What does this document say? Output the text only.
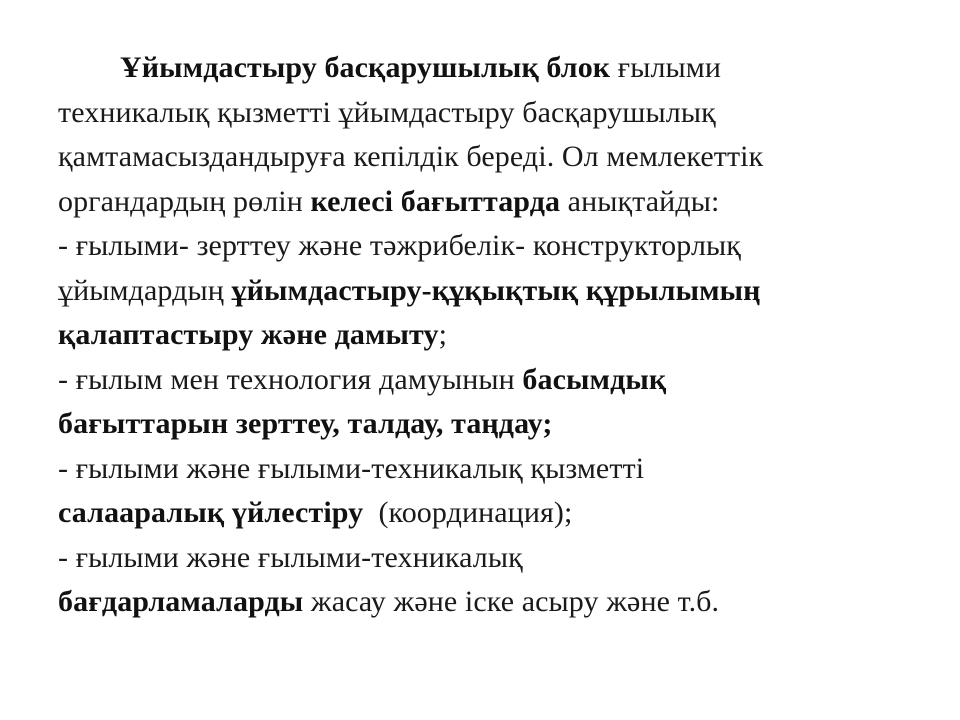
Ұйымдастыру басқарушылық блок ғылыми
техникалық қызметті ұйымдастыру басқарушылық
қамтамасыздандыруға кепілдік береді. Ол мемлекеттік
органдардың рөлін келесі бағыттарда анықтайды:
- ғылыми- зерттеу және тәжрибелік- конструкторлық
ұйымдардың ұйымдастыру-құқықтық құрылымың
қалаптастыру және дамыту;
- ғылым мен технология дамуынын басымдық
бағыттарын зерттеу, талдау, таңдау;
- ғылыми және ғылыми-техникалық қызметті
салааралық үйлестіру  (координация);
- ғылыми және ғылыми-техникалық
бағдарламаларды жасау және іске асыру және т.б.
